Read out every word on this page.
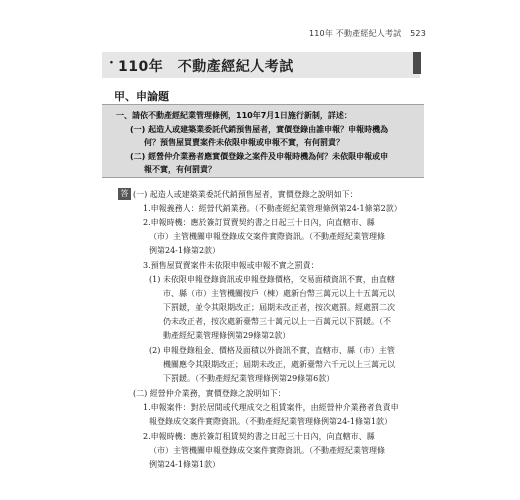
110年 不動產經紀人考試 523
· 110年　不動產經紀人考試
甲、申論題
一、請依不動產經紀業管理條例，110年7月1日施行新制，詳述：
(一) 起造人或建築業委託代銷預售屋者，實價登錄由誰申報？申報時機為
何？預售屋買賣案件未依限申報或申報不實，有何罰責？
(二) 經營仲介業務者應實價登錄之案件及申報時機為何？未依限申報或申
報不實，有何罰責？
答 (一) 起造人或建築業委託代銷預售屋者，實價登錄之說明如下：
1.申報義務人：經營代銷業務。（不動產經紀業管理條例第24-1條第2款）
2.申報時機：應於簽訂買賣契約書之日起三十日內，向直轄市、縣
（市）主管機關申報登錄成交案件實際資訊。（不動產經紀業管理條
例第24-1條第2款）
3.預售屋買賣案件未依限申報或申報不實之罰責：
(1) 未依限申報登錄資訊或申報登錄價格，交易面積資訊不實，由直轄
市、縣（市）主管機關按戶（棟）處新台幣三萬元以上十五萬元以
下罰鍰，並令其限期改正；屆期未改正者，按次處罰。經處罰二次
仍未改正者，按次處新臺幣三十萬元以上一百萬元以下罰鍰。（不
動產經紀業管理條例第29條第2款）
(2) 申報登錄租金、價格及面積以外資訊不實，直轄市、縣（市）主管
機關應令其限期改正；屆期未改正，處新臺幣六千元以上三萬元以
下罰鍰。（不動產經紀業管理條例第29條第6款）
(二) 經營仲介業務，實價登錄之說明如下：
1.申報案件：對於居間或代理成交之租賃案件，由經營仲介業務者負責申
報登錄成交案件實際資訊。（不動產經紀業管理條例第24-1條第1款）
2.申報時機：應於簽訂租賃契約書之日起三十日內，向直轄市、縣
（市）主管機關申報登錄成交案件實際資訊。（不動產經紀業管理條
例第24-1條第1款）
